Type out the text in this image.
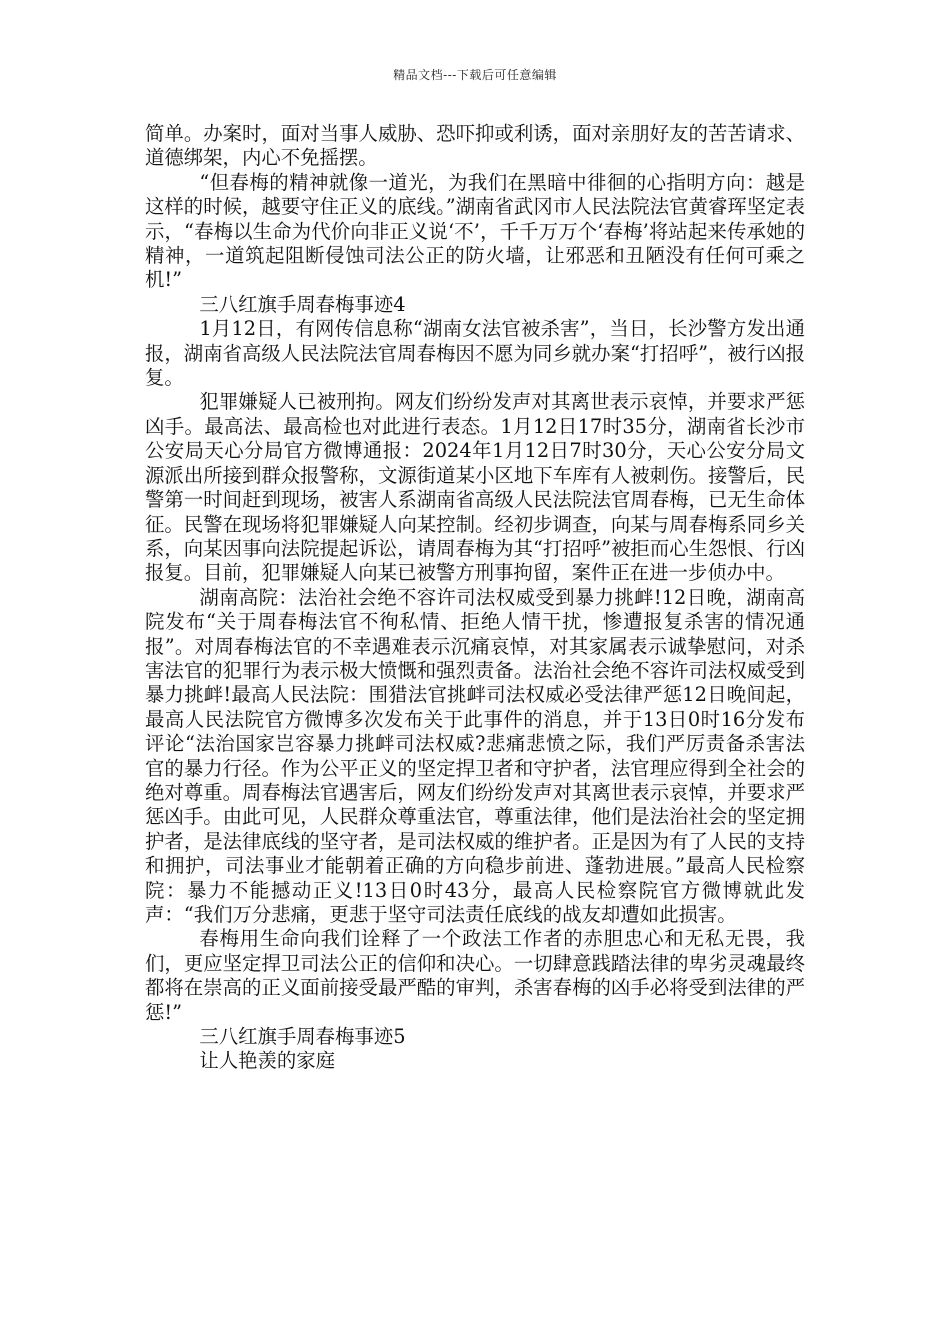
精品文档---下载后可任意编辑

简单。办案时，面对当事人威胁、恐吓抑或利诱，面对亲朋好友的苦苦请求、道德绑架，内心不免摇摆。

“但春梅的精神就像一道光，为我们在黑暗中徘徊的心指明方向：越是这样的时候，越要守住正义的底线。”湖南省武冈市人民法院法官黄睿珲坚定表示，“春梅以生命为代价向非正义说‘不’，千千万万个‘春梅’将站起来传承她的精神，一道筑起阻断侵蚀司法公正的防火墙，让邪恶和丑陋没有任何可乘之机!”

三八红旗手周春梅事迹4

1月12日，有网传信息称“湖南女法官被杀害”，当日，长沙警方发出通报，湖南省高级人民法院法官周春梅因不愿为同乡就办案“打招呼”，被行凶报复。

犯罪嫌疑人已被刑拘。网友们纷纷发声对其离世表示哀悼，并要求严惩凶手。最高法、最高检也对此进行表态。1月12日17时35分，湖南省长沙市公安局天心分局官方微博通报：2024年1月12日7时30分，天心公安分局文源派出所接到群众报警称，文源街道某小区地下车库有人被刺伤。接警后，民警第一时间赶到现场，被害人系湖南省高级人民法院法官周春梅，已无生命体征。民警在现场将犯罪嫌疑人向某控制。经初步调查，向某与周春梅系同乡关系，向某因事向法院提起诉讼，请周春梅为其“打招呼”被拒而心生怨恨、行凶报复。目前，犯罪嫌疑人向某已被警方刑事拘留，案件正在进一步侦办中。

湖南高院：法治社会绝不容许司法权威受到暴力挑衅!12日晚，湖南高院发布“关于周春梅法官不徇私情、拒绝人情干扰，惨遭报复杀害的情况通报”。对周春梅法官的不幸遇难表示沉痛哀悼，对其家属表示诚挚慰问，对杀害法官的犯罪行为表示极大愤慨和强烈责备。法治社会绝不容许司法权威受到暴力挑衅!最高人民法院：围猎法官挑衅司法权威必受法律严惩12日晚间起，最高人民法院官方微博多次发布关于此事件的消息，并于13日0时16分发布评论“法治国家岂容暴力挑衅司法权威?悲痛悲愤之际，我们严厉责备杀害法官的暴力行径。作为公平正义的坚定捍卫者和守护者，法官理应得到全社会的绝对尊重。周春梅法官遇害后，网友们纷纷发声对其离世表示哀悼，并要求严惩凶手。由此可见，人民群众尊重法官，尊重法律，他们是法治社会的坚定拥护者，是法律底线的坚守者，是司法权威的维护者。正是因为有了人民的支持和拥护，司法事业才能朝着正确的方向稳步前进、蓬勃进展。”最高人民检察院：暴力不能撼动正义!13日0时43分，最高人民检察院官方微博就此发声：“我们万分悲痛，更悲于坚守司法责任底线的战友却遭如此损害。

春梅用生命向我们诠释了一个政法工作者的赤胆忠心和无私无畏，我们，更应坚定捍卫司法公正的信仰和决心。一切肆意践踏法律的卑劣灵魂最终都将在崇高的正义面前接受最严酷的审判，杀害春梅的凶手必将受到法律的严惩!”

三八红旗手周春梅事迹5

让人艳羡的家庭
